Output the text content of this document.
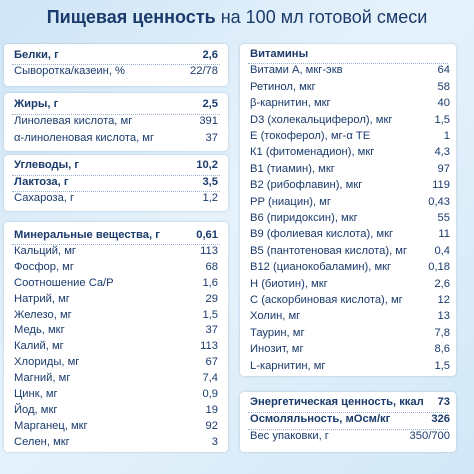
Пищевая ценность на 100 мл готовой смеси
Белки, г	2,6
Сыворотка/казеин, %	22/78
Жиры, г	2,5
Линолевая кислота, мг	391
α-линоленовая кислота, мг	37
Углеводы, г	10,2
Лактоза, г	3,5
Сахароза, г	1,2
Минеральные вещества, г	0,61
Кальций, мг	113
Фосфор, мг	68
Соотношение Ca/P	1,6
Натрий, мг	29
Железо, мг	1,5
Медь, мкг	37
Калий, мг	113
Хлориды, мг	67
Магний, мг	7,4
Цинк, мг	0,9
Йод, мкг	19
Марганец, мкг	92
Селен, мкг	3
Витамины
Витами А, мкг-экв	64
Ретинол, мкг	58
β-карнитин, мкг	40
D3 (холекальциферол), мкг	1,5
Е (токоферол), мг-α ТЕ	1
К1 (фитоменадион), мкг	4,3
В1 (тиамин), мкг	97
В2 (рибофлавин), мкг	119
РР (ниацин), мг	0,43
В6 (пиридоксин), мкг	55
В9 (фолиевая кислота), мкг	11
В5 (пантотеновая кислота), мг 0,4
В12 (цианокобаламин), мкг	0,18
Н (биотин), мкг	2,6
С (аскорбиновая кислота), мг	12
Холин, мг	13
Таурин, мг	7,8
Инозит, мг	8,6
L-карнитин, мг	1,5
Энергетическая ценность, ккал 73
Осмоляльность, мОсм/кг	326
Вес упаковки, г	350/700
